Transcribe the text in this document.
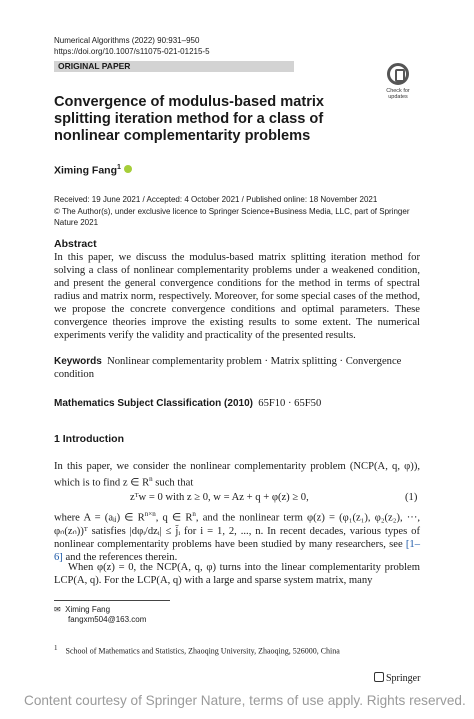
Numerical Algorithms (2022) 90:931–950
https://doi.org/10.1007/s11075-021-01215-5
ORIGINAL PAPER
Check for updates
Convergence of modulus-based matrix splitting iteration method for a class of nonlinear complementarity problems
Ximing Fang$^1$
Received: 19 June 2021 / Accepted: 4 October 2021 / Published online: 18 November 2021
© The Author(s), under exclusive licence to Springer Science+Business Media, LLC, part of Springer Nature 2021
Abstract
In this paper, we discuss the modulus-based matrix splitting iteration method for solving a class of nonlinear complementarity problems under a weakened condition, and present the general convergence conditions for the method in terms of spectral radius and matrix norm, respectively. Moreover, for some special cases of the method, we propose the concrete convergence conditions and optimal parameters. These convergence theories improve the existing results to some extent. The numerical experiments verify the validity and practicality of the presented results.
Keywords Nonlinear complementarity problem · Matrix splitting · Convergence condition
Mathematics Subject Classification (2010) 65F10 · 65F50
1 Introduction
In this paper, we consider the nonlinear complementarity problem (NCP(A, q, φ)), which is to find z ∈ $R^n$ such that
zᵀw = 0 with z ≥ 0, w = Az + q + φ(z) ≥ 0,	(1)
where A = (aᵢⱼ) ∈ $R^{n\times n}$, q ∈ $R^n$, and the nonlinear term φ(z) = (φ₁(z₁), φ₂(z₂), ···, φₙ(zₙ))ᵀ satisfies |dφᵢ/dzᵢ| ≤ j̃ᵢ for i = 1, 2, ..., n. In recent decades, various types of nonlinear complementarity problems have been studied by many researchers, see [1–6] and the references therein.
When φ(z) = 0, the NCP(A, q, φ) turns into the linear complementarity problem LCP(A, q). For the LCP(A, q) with a large and sparse system matrix, many
✉ Ximing Fang
fangxm504@163.com
$^1$ School of Mathematics and Statistics, Zhaoqing University, Zhaoqing, 526000, China
Springer
Content courtesy of Springer Nature, terms of use apply. Rights reserved.
